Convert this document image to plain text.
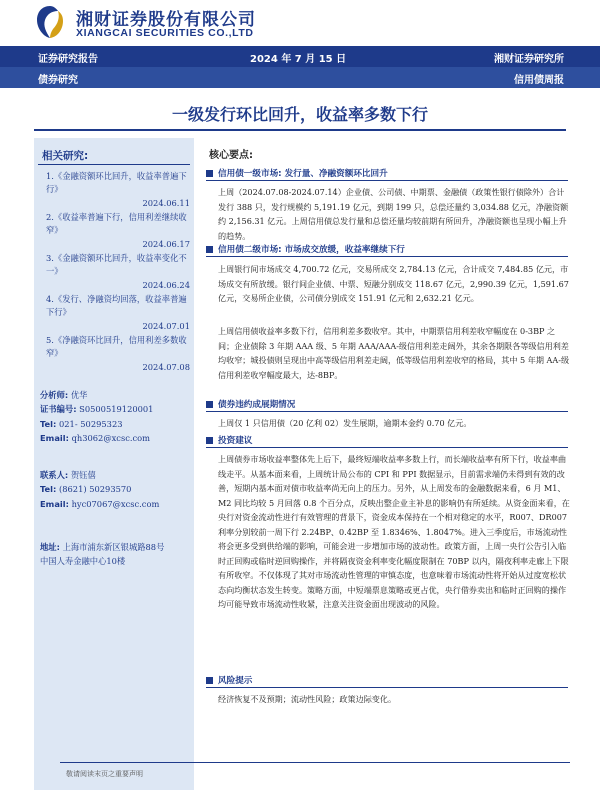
湘财证券股份有限公司
XIANGCAI SECURITIES CO.,LTD
证券研究报告	2024 年 7 月 15 日	湘财证券研究所
债券研究	信用债周报
一级发行环比回升，收益率多数下行
相关研究:
1.《金融资额环比回升，收益率普遍下行》
2024.06.11
2.《收益率普遍下行，信用利差继续收窄》
2024.06.17
3.《金融资额环比回升，收益率变化不一》
2024.06.24
4.《发行、净融资均回落，收益率普遍下行》
2024.07.01
5.《净融资环比回升，信用利差多数收窄》
2024.07.08
分析师: 优华
证书编号: S0500519120001
Tel: 021- 50295323
Email: qh3062@xcsc.com
联系人: 贺钰僖
Tel: (8621) 50293570
Email: hyc07067@xcsc.com
地址: 上海市浦东新区银城路88号
中国人寿金融中心10楼
核心要点:
信用债一级市场: 发行量、净融资额环比回升
上周（2024.07.08-2024.07.14）企业债、公司债、中期票、金融债（政策性银行债除外）合计发行 388 只，发行规模约 5,191.19 亿元，到期 199 只，总偿还量约 3,034.88 亿元，净融资额约 2,156.31 亿元。上周信用债总发行量和总偿还量均较前期有所回升，净融资额也呈现小幅上升的趋势。
信用债二级市场: 市场成交放缓，收益率继续下行
上周银行间市场成交 4,700.72 亿元，交易所成交 2,784.13 亿元，合计成交 7,484.85 亿元，市场成交有所放缓。银行间企业债、中票、短融分别成交 118.67 亿元，2,990.39 亿元，1,591.67 亿元，交易所企业债，公司债分别成交 151.91 亿元和 2,632.21 亿元。
上周信用债收益率多数下行，信用利差多数收窄。其中，中期票信用利差收窄幅度在 0-3BP 之间；企业债除 3 年期 AAA 级、5 年期 AAA/AAA-级信用利差走阔外，其余各期限各等级信用利差均收窄；城投债则呈现出中高等级信用利差走阔，低等级信用利差收窄的格局，其中 5 年期 AA-级信用利差收窄幅度最大，达-8BP。
债券违约成展期情况
上周仅 1 只信用债（20 亿利 02）发生展期，逾期本金约 0.70 亿元。
投资建议
上周债券市场收益率整体先上后下，最终短端收益率多数上行，而长端收益率有所下行，收益率曲线走平。从基本面来看，上周统计局公布的 CPI 和 PPI 数据显示，目前需求端仍未得到有效的改善，短期内基本面对债市收益率尚无向上的压力。另外，从上周发布的金融数据来看，6 月 M1、M2 同比均较 5 月回落 0.8 个百分点，反映出整企业主补息的影响仍有所延续。从资金面来看，在央行对资金流动性进行有效管理的背景下，资金成本保持在一个相对稳定的水平，R007、DR007 利率分别较前一周下行 2.24BP、0.42BP 至 1.8346%、1.8047%。进入三季度后，市场流动性将会更多受到供给端的影响，可能会进一步增加市场的波动性。政策方面，上周一央行公告引入临时正回购或临时逆回购操作，并将隔夜资金利率变化幅度限制在 70BP 以内，隔夜利率走廊上下限有所收窄。不仅体现了其对市场流动性管理的审慎态度，也意味着市场流动性将开始从过度宽松状态向均衡状态发生转变。策略方面，中短端票息策略或更占优，央行借券卖出和临时正回购的操作均可能导致市场流动性收紧，注意关注资金面出现波动的风险。
风险提示
经济恢复不及预期；流动性风险；政策边际变化。
敬请阅读末页之重要声明
